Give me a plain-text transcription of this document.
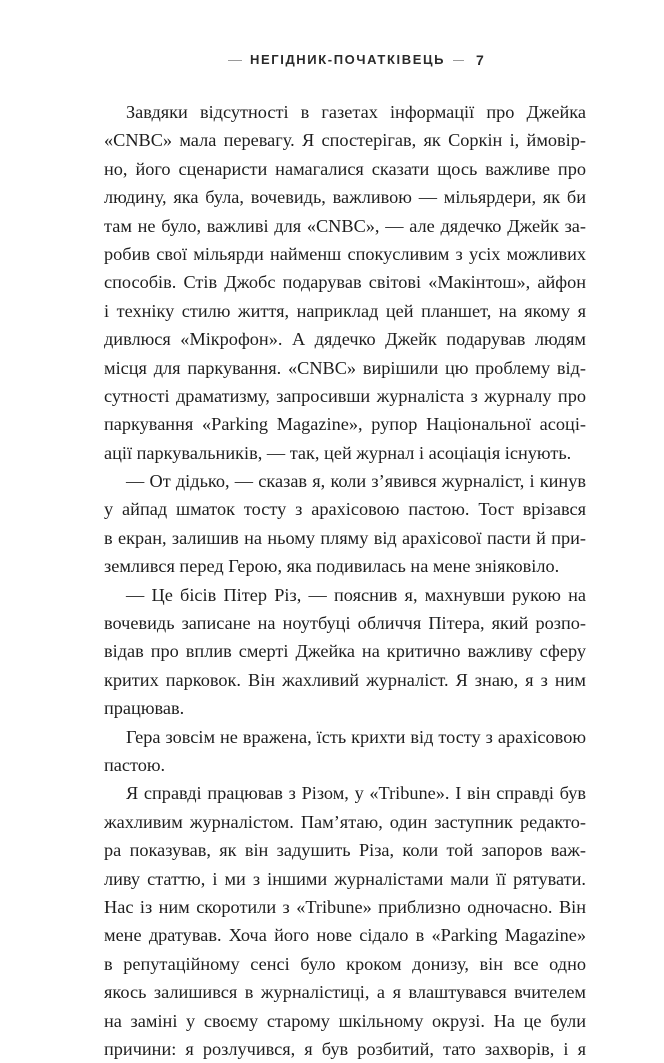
НЕГІДНИК-ПОЧАТКІВЕЦЬ	7
Завдяки відсутності в газетах інформації про Джейка
«CNBC» мала перевагу. Я спостерігав, як Соркін і, ймовір-
но, його сценаристи намагалися сказати щось важливе про
людину, яка була, вочевидь, важливою — мільярдери, як би
там не було, важливі для «CNBC», — але дядечко Джейк за-
робив свої мільярди найменш спокусливим з усіх можливих
способів. Стів Джобс подарував світові «Макінтош», айфон
і техніку стилю життя, наприклад цей планшет, на якому я
дивлюся «Мікрофон». А дядечко Джейк подарував людям
місця для паркування. «CNBC» вирішили цю проблему від-
сутності драматизму, запросивши журналіста з журналу про
паркування «Parking Magazine», рупор Національної асоці-
ації паркувальників, — так, цей журнал і асоціація існують.
— От дідько, — сказав я, коли з’явився журналіст, і кинув
у айпад шматок тосту з арахісовою пастою. Тост врізався
в екран, залишив на ньому пляму від арахісової пасти й при-
землився перед Герою, яка подивилась на мене зніяковіло.
— Це бісів Пітер Різ, — пояснив я, махнувши рукою на
вочевидь записане на ноутбуці обличчя Пітера, який розпо-
відав про вплив смерті Джейка на критично важливу сферу
критих парковок. Він жахливий журналіст. Я знаю, я з ним
працював.
Гера зовсім не вражена, їсть крихти від тосту з арахісовою
пастою.
Я справді працював з Різом, у «Tribune». І він справді був
жахливим журналістом. Пам’ятаю, один заступник редакто-
ра показував, як він задушить Різа, коли той запоров важ-
ливу статтю, і ми з іншими журналістами мали її рятувати.
Нас із ним скоротили з «Tribune» приблизно одночасно. Він
мене дратував. Хоча його нове сідало в «Parking Magazine»
в репутаційному сенсі було кроком донизу, він все одно
якось залишився в журналістиці, а я влаштувався вчителем
на заміні у своєму старому шкільному окрузі. На це були
причини: я розлучився, я був розбитий, тато захворів, і я
